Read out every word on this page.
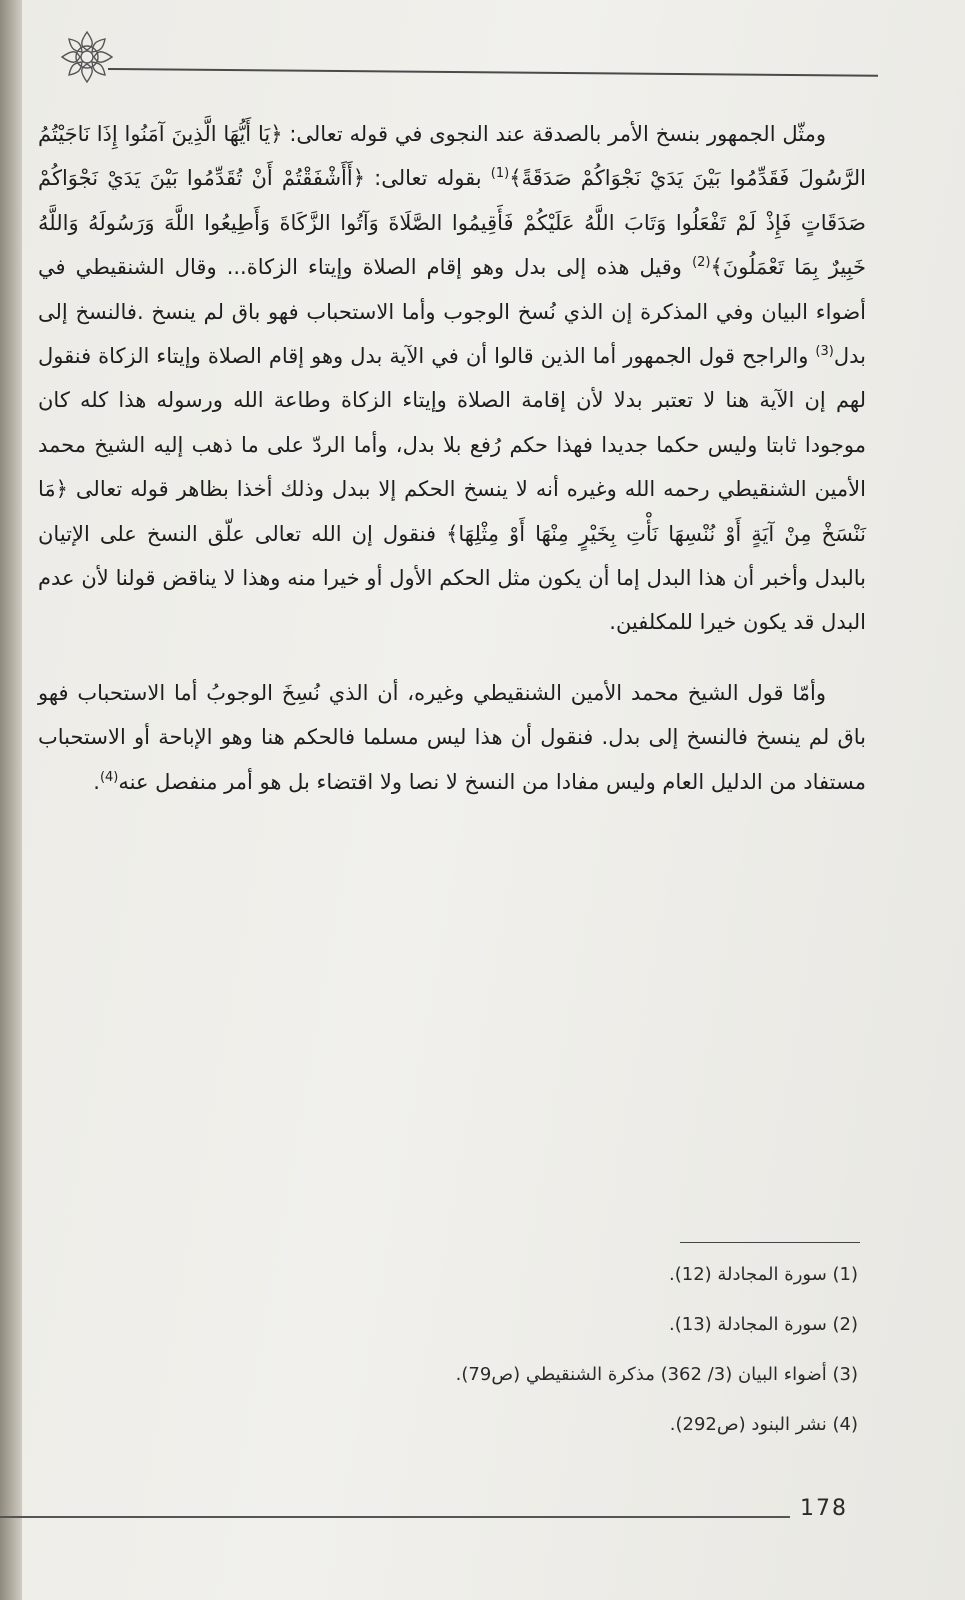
ومثّل الجمهور بنسخ الأمر بالصدقة عند النجوى في قوله تعالى: ﴿يَا أَيُّهَا الَّذِينَ آمَنُوا إِذَا نَاجَيْتُمُ الرَّسُولَ فَقَدِّمُوا بَيْنَ يَدَيْ نَجْوَاكُمْ صَدَقَةً﴾$^{(1)}$ بقوله تعالى: ﴿أَأَشْفَقْتُمْ أَنْ تُقَدِّمُوا بَيْنَ يَدَيْ نَجْوَاكُمْ صَدَقَاتٍ فَإِذْ لَمْ تَفْعَلُوا وَتَابَ اللَّهُ عَلَيْكُمْ فَأَقِيمُوا الصَّلَاةَ وَآتُوا الزَّكَاةَ وَأَطِيعُوا اللَّهَ وَرَسُولَهُ وَاللَّهُ خَبِيرٌ بِمَا تَعْمَلُونَ﴾$^{(2)}$ وقيل هذه إلى بدل وهو إقام الصلاة وإيتاء الزكاة... وقال الشنقيطي في أضواء البيان وفي المذكرة إن الذي نُسخ الوجوب وأما الاستحباب فهو باق لم ينسخ .فالنسخ إلى بدل$^{(3)}$ والراجح قول الجمهور أما الذين قالوا أن في الآية بدل وهو إقام الصلاة وإيتاء الزكاة فنقول لهم إن الآية هنا لا تعتبر بدلا لأن إقامة الصلاة وإيتاء الزكاة وطاعة الله ورسوله هذا كله كان موجودا ثابتا وليس حكما جديدا فهذا حكم رُفع بلا بدل، وأما الردّ على ما ذهب إليه الشيخ محمد الأمين الشنقيطي رحمه الله وغيره أنه لا ينسخ الحكم إلا ببدل وذلك أخذا بظاهر قوله تعالى ﴿مَا نَنْسَخْ مِنْ آيَةٍ أَوْ نُنْسِهَا نَأْتِ بِخَيْرٍ مِنْهَا أَوْ مِثْلِهَا﴾ فنقول إن الله تعالى علّق النسخ على الإتيان بالبدل وأخبر أن هذا البدل إما أن يكون مثل الحكم الأول أو خيرا منه وهذا لا يناقض قولنا لأن عدم البدل قد يكون خيرا للمكلفين.

وأمّا قول الشيخ محمد الأمين الشنقيطي وغيره، أن الذي نُسِخَ الوجوبُ أما الاستحباب فهو باق لم ينسخ فالنسخ إلى بدل. فنقول أن هذا ليس مسلما فالحكم هنا وهو الإباحة أو الاستحباب مستفاد من الدليل العام وليس مفادا من النسخ لا نصا ولا اقتضاء بل هو أمر منفصل عنه$^{(4)}$.

(1) سورة المجادلة (12).
(2) سورة المجادلة (13).
(3) أضواء البيان (3/ 362) مذكرة الشنقيطي (ص79).
(4) نشر البنود (ص292).
178
